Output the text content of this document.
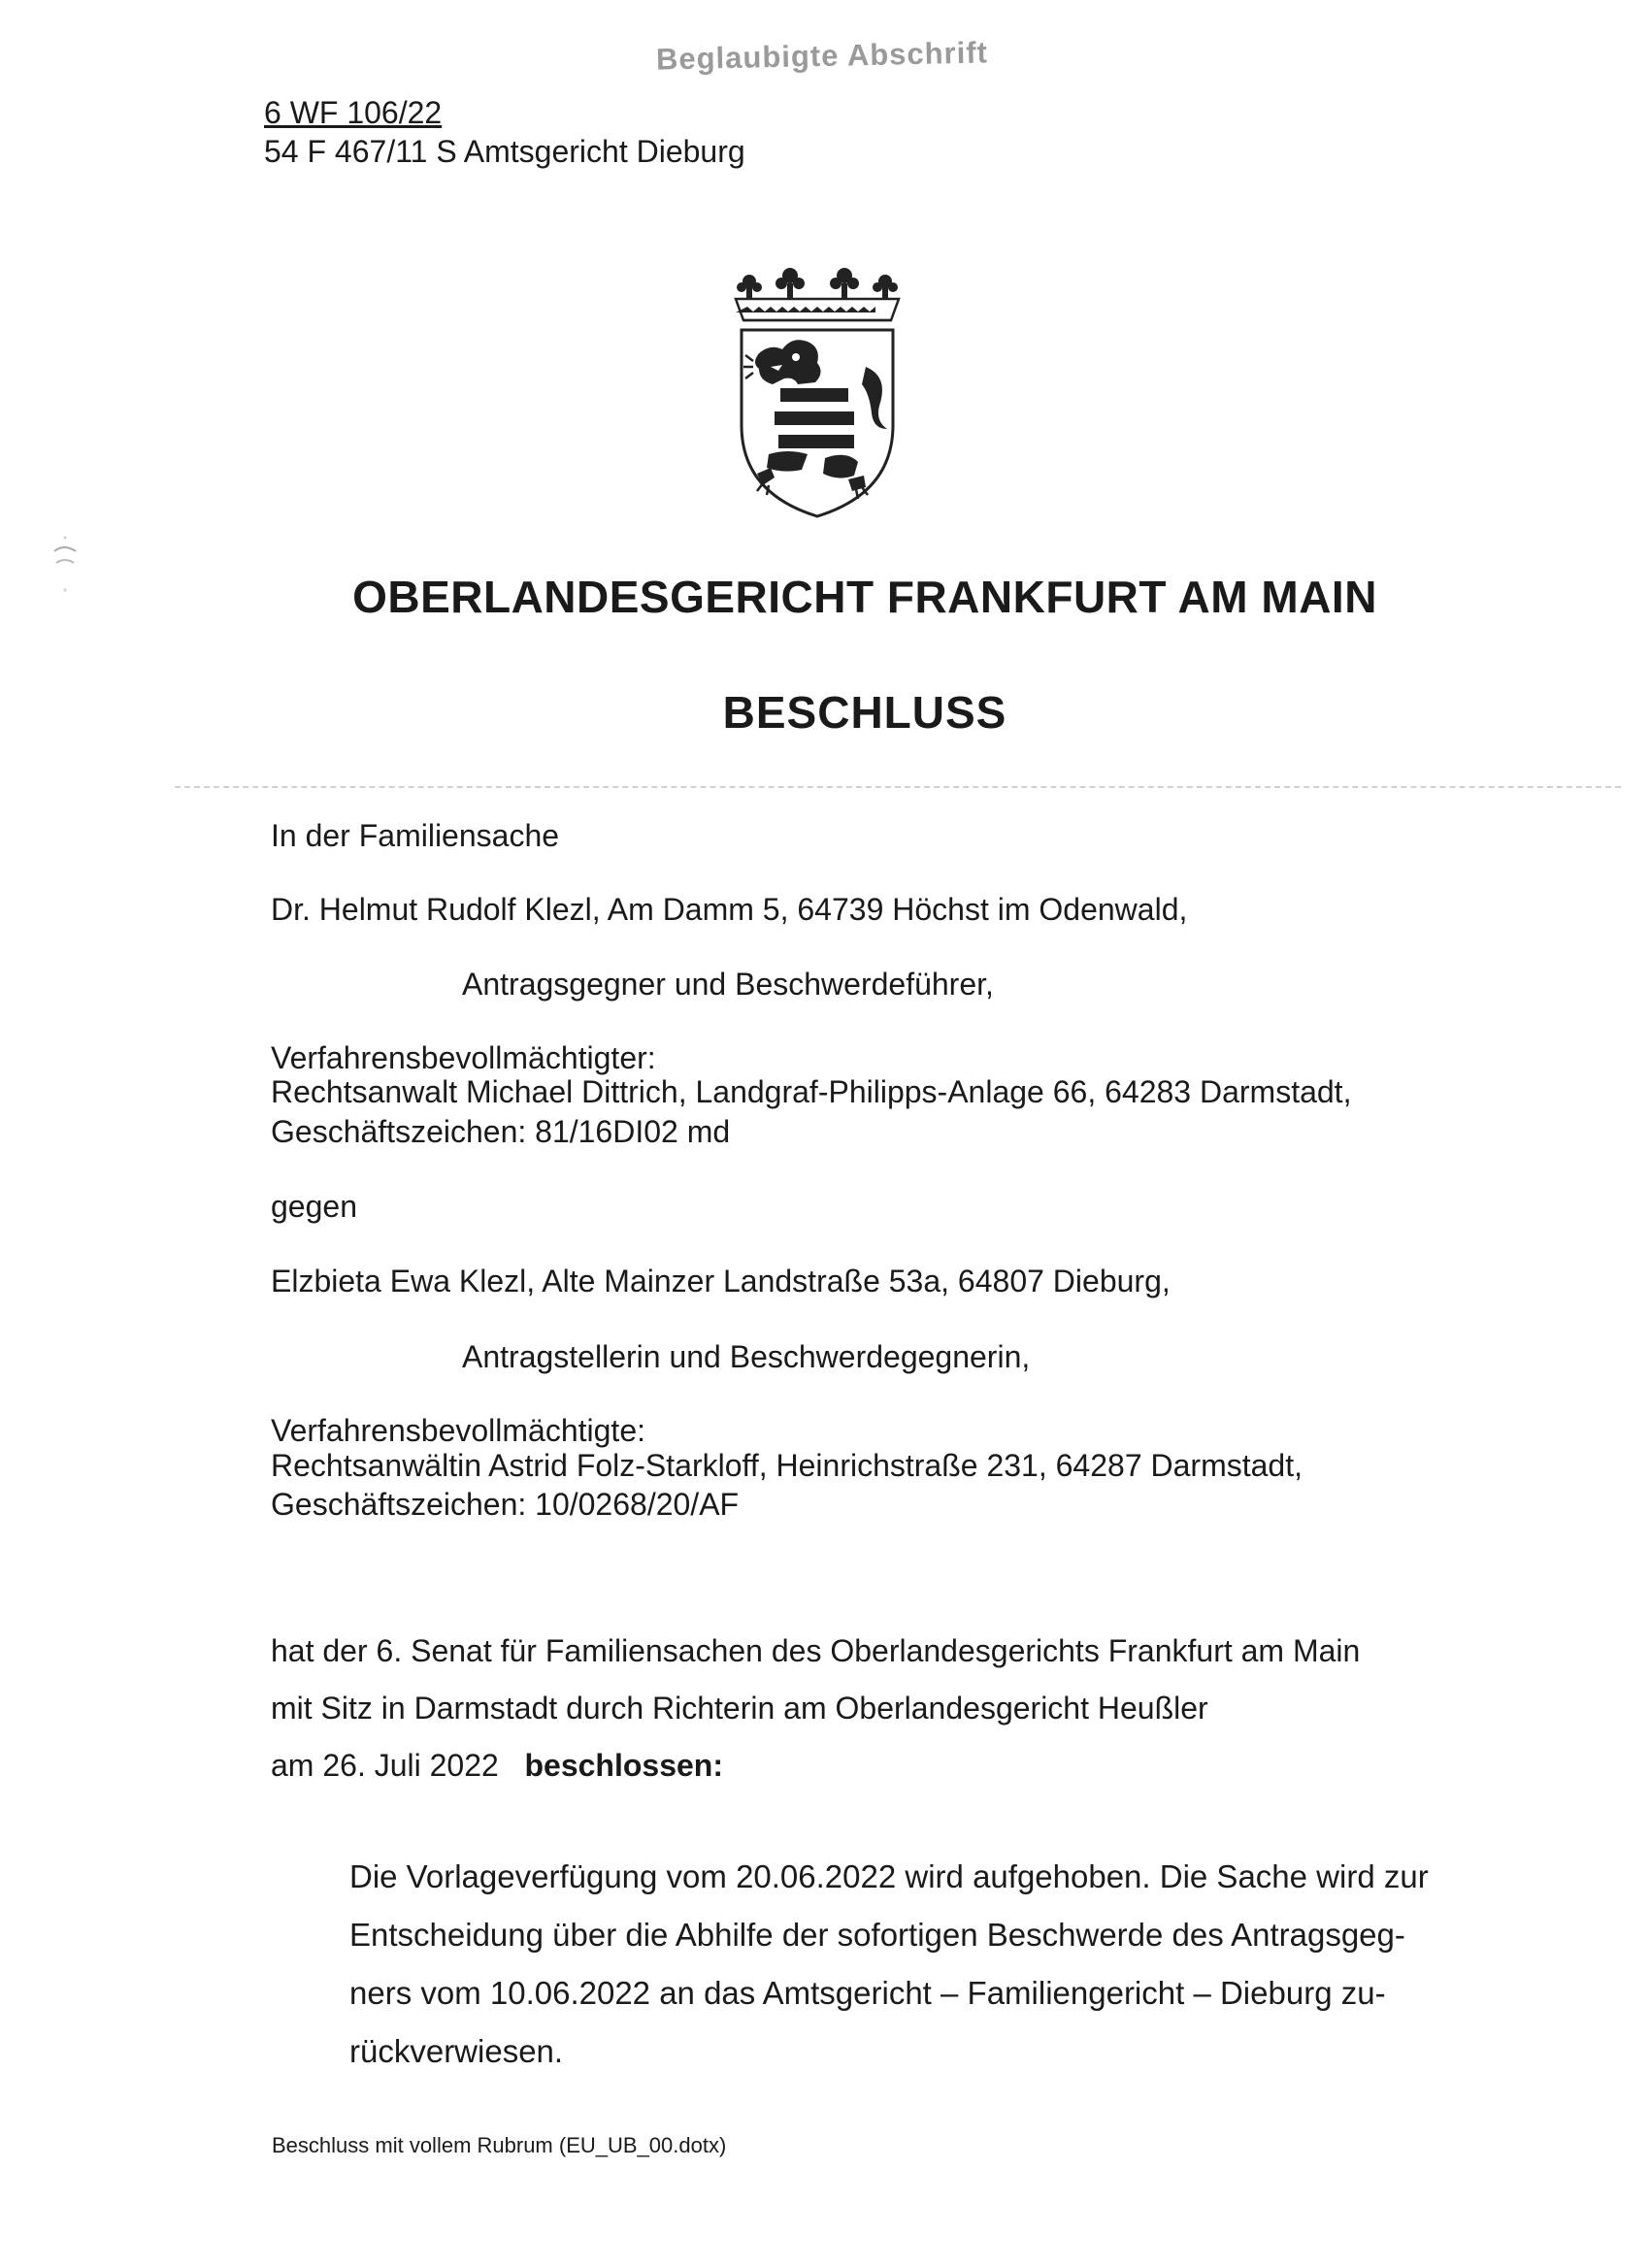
Beglaubigte Abschrift
6 WF 106/22
54 F 467/11 S Amtsgericht Dieburg
OBERLANDESGERICHT FRANKFURT AM MAIN
BESCHLUSS
In der Familiensache
Dr. Helmut Rudolf Klezl, Am Damm 5, 64739 Höchst im Odenwald,
Antragsgegner und Beschwerdeführer,
Verfahrensbevollmächtigter:
Rechtsanwalt Michael Dittrich, Landgraf-Philipps-Anlage 66, 64283 Darmstadt,
Geschäftszeichen: 81/16DI02 md
gegen
Elzbieta Ewa Klezl, Alte Mainzer Landstraße 53a, 64807 Dieburg,
Antragstellerin und Beschwerdegegnerin,
Verfahrensbevollmächtigte:
Rechtsanwältin Astrid Folz-Starkloff, Heinrichstraße 231, 64287 Darmstadt,
Geschäftszeichen: 10/0268/20/AF
hat der 6. Senat für Familiensachen des Oberlandesgerichts Frankfurt am Main
mit Sitz in Darmstadt durch Richterin am Oberlandesgericht Heußler
am 26. Juli 2022 beschlossen:
Die Vorlageverfügung vom 20.06.2022 wird aufgehoben. Die Sache wird zur
Entscheidung über die Abhilfe der sofortigen Beschwerde des Antragsgeg-
ners vom 10.06.2022 an das Amtsgericht – Familiengericht – Dieburg zu-
rückverwiesen.
Beschluss mit vollem Rubrum (EU_UB_00.dotx)
